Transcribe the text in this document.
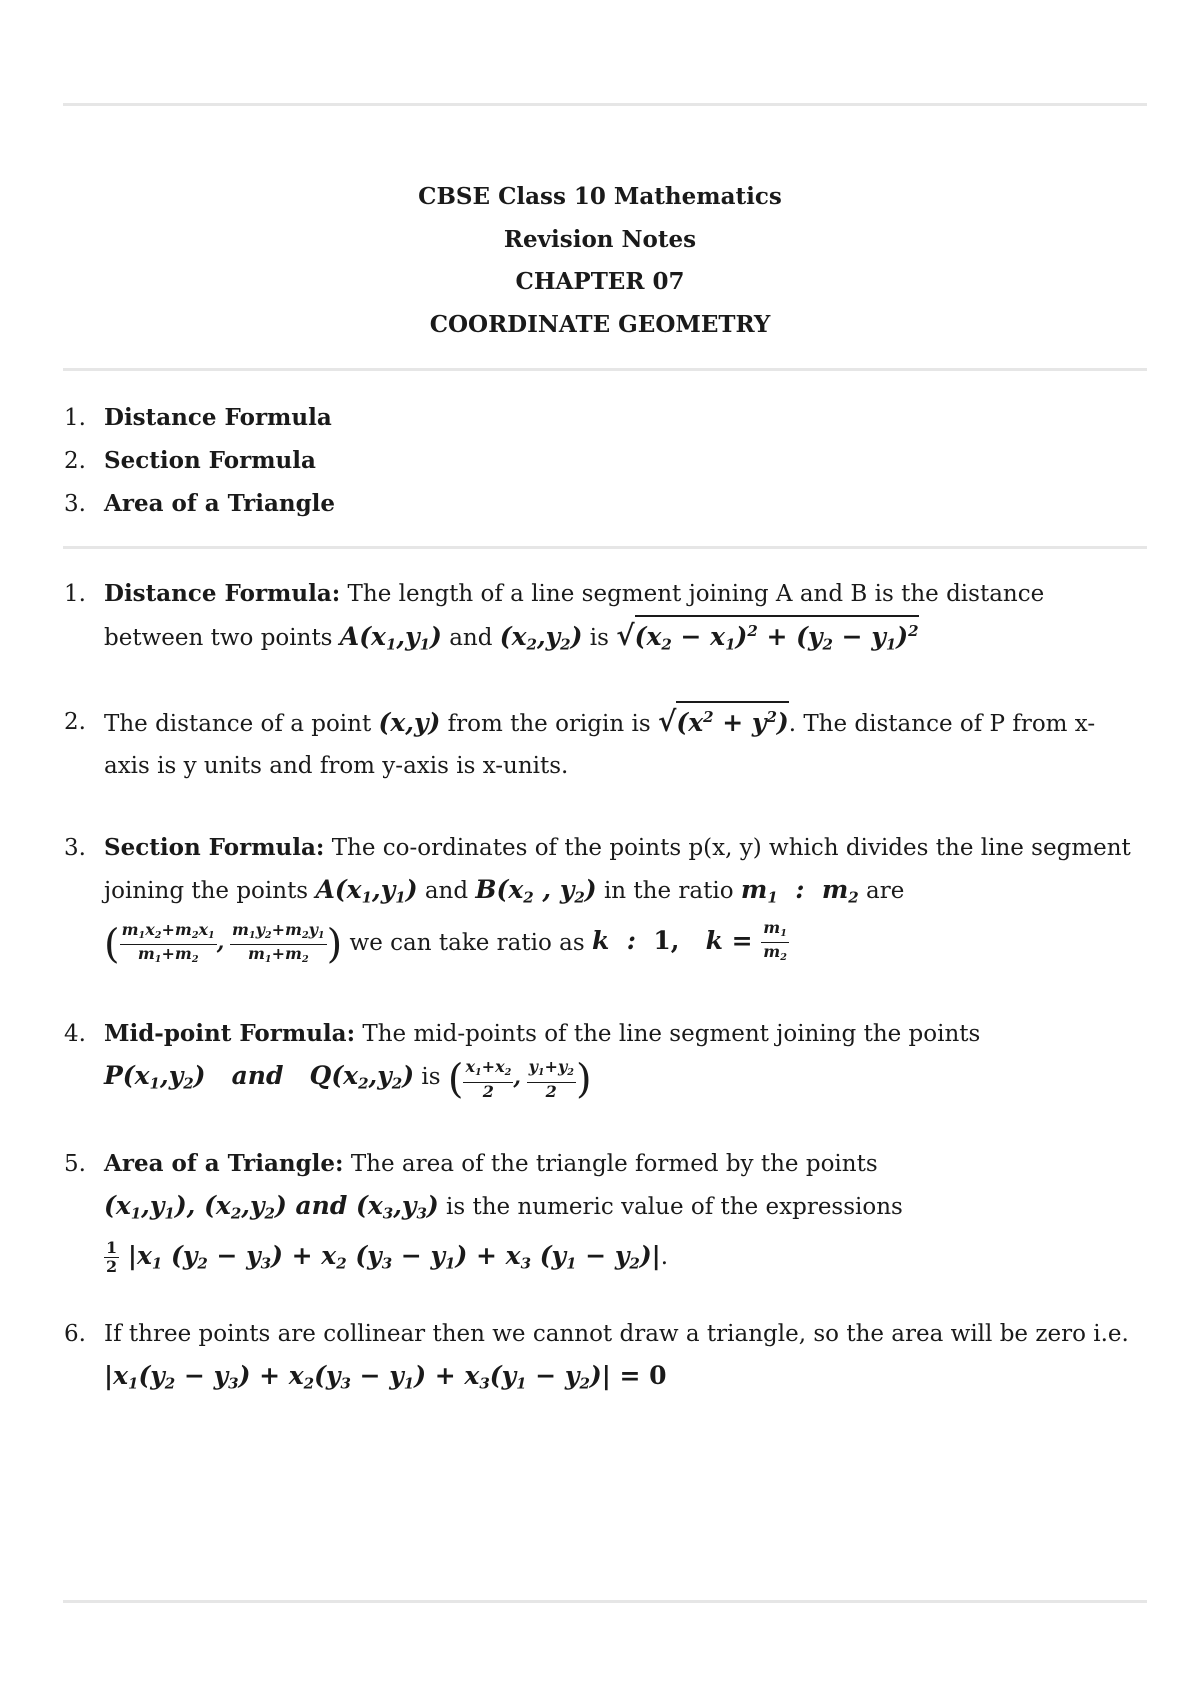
CBSE Class 10 Mathematics
Revision Notes
CHAPTER 07
COORDINATE GEOMETRY
1. Distance Formula
2. Section Formula
3. Area of a Triangle
1. Distance Formula: The length of a line segment joining A and B is the distance
between two points $A(x_1,y_1)$ and $(x_2,y_2)$ is $√(x_2 - x_1)^2 + (y_2 - y_1)^2$
2. The distance of a point (x,y) from the origin is $√(x^2 + y^2)$. The distance of P from x-
axis is y units and from y-axis is x-units.
3. Section Formula: The co-ordinates of the points p(x, y) which divides the line segment
joining the points $A(x_1,y_1)$ and $B(x_2$ , $y_2$) in the ratio $m_1$  :  $m_2$ are
( $\frac{m_1x_2+m_2x_1}{m_1+m_2}$ , $\frac{m_1y_2+m_2y_1}{m_1+m_2}$ ) we can take ratio as k  :  1,   $k = \frac{m_1}{m_2}$
4. Mid-point Formula: The mid-points of the line segment joining the points
$P(x_1,y_2)$   and   $Q(x_2,y_2)$ is ( $\frac{x_1+x_2}{2}$ , $\frac{y_1+y_2}{2}$ )
5. Area of a Triangle: The area of the triangle formed by the points
$(x_1,y_1)$, $(x_2,y_2)$ and $(x_3,y_3)$ is the numeric value of the expressions

$\frac{1}{2} |x_1$ $(y_2 - y_3) + x_2$ $(y_3 - y_1) + x_3$ $(y_1 - y_2)|$.
6. If three points are collinear then we cannot draw a triangle, so the area will be zero i.e.
$|x_1(y_2 - y_3) + x_2(y_3 - y_1) + x_3(y_1 - y_2)| = 0$
